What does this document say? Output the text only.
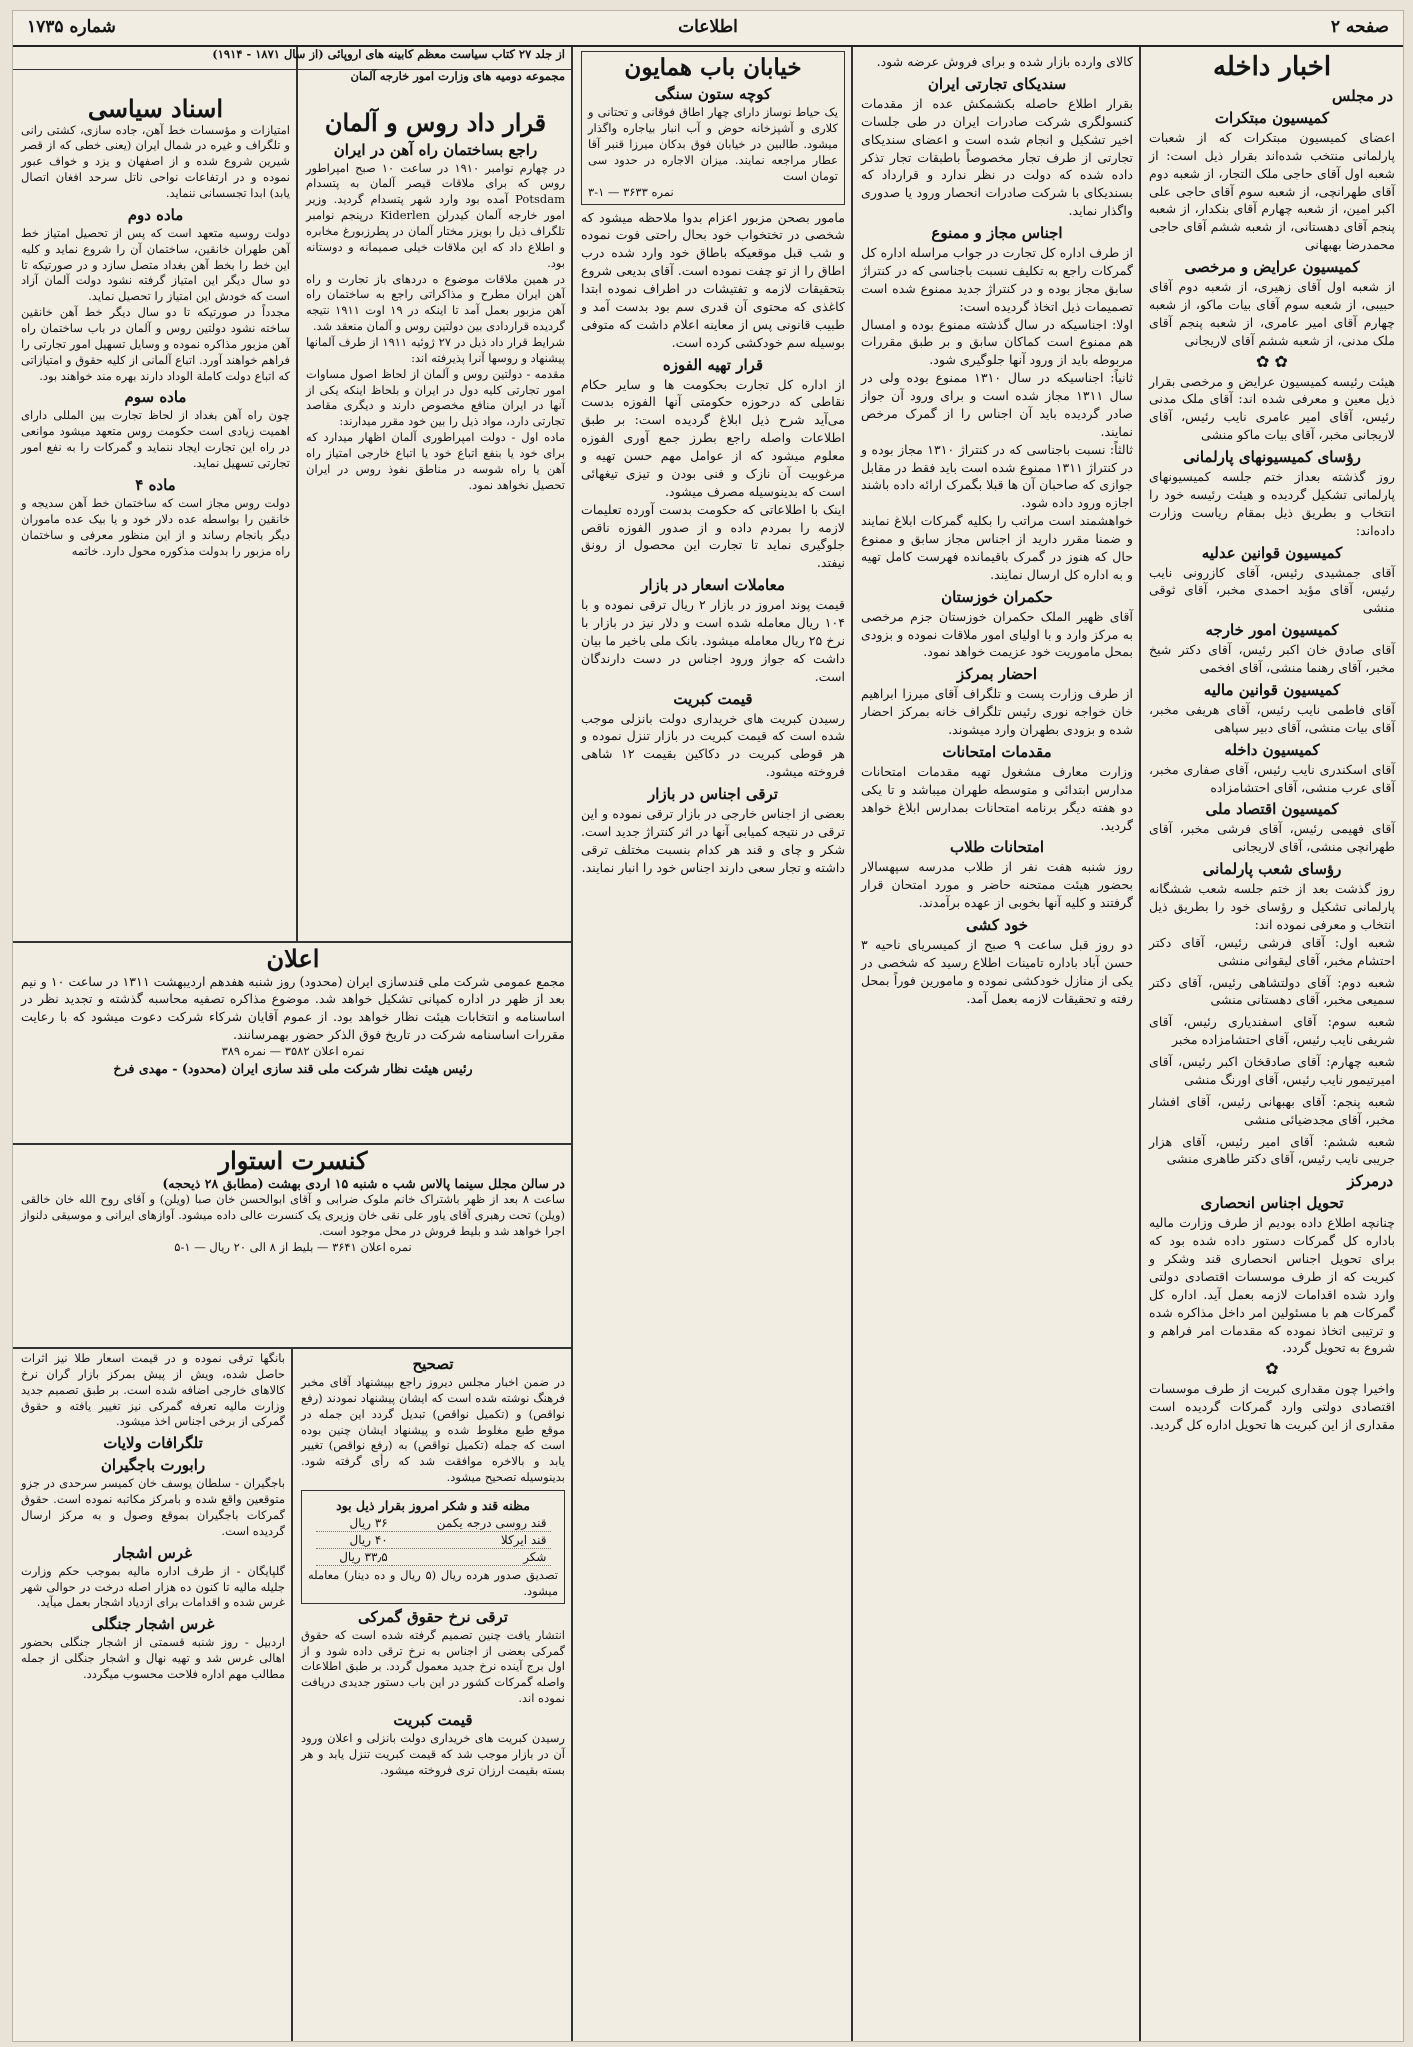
صفحه ۲
اطلاعات
شماره ۱۷۳۵
اخبار داخله
در مجلس
کمیسیون مبتکرات
اعضای کمیسیون مبتکرات که از شعبات پارلمانی منتخب شده‌اند بقرار ذیل است: از شعبه اول آقای حاجی ملک التجار، از شعبه دوم آقای طهرانچی، از شعبه سوم آقای حاجی علی اکبر امین، از شعبه چهارم آقای بنکدار، از شعبه پنجم آقای دهستانی، از شعبه ششم آقای حاجی محمدرضا بهبهانی
کمیسیون عرایض و مرخصی
از شعبه اول آقای زهیری، از شعبه دوم آقای حبیبی، از شعبه سوم آقای بیات ماکو، از شعبه چهارم آقای امیر عامری، از شعبه پنجم آقای ملک مدنی، از شعبه ششم آقای لاریجانی
✿ ✿
هیئت رئیسه کمیسیون عرایض و مرخصی بقرار ذیل معین و معرفی شده اند: آقای ملک مدنی رئیس، آقای امیر عامری نایب رئیس، آقای لاریجانی مخبر، آقای بیات ماکو منشی
رؤسای کمیسیونهای پارلمانی
روز گذشته بعداز ختم جلسه کمیسیونهای پارلمانی تشکیل گردیده و هیئت رئیسه خود را انتخاب و بطریق ذیل بمقام ریاست وزارت داده‌اند:
کمیسیون قوانین عدلیه
آقای جمشیدی رئیس، آقای کازرونی نایب رئیس، آقای مؤید احمدی مخبر، آقای ثوقی منشی
کمیسیون امور خارجه
آقای صادق خان اکبر رئیس، آقای دکتر شیخ مخبر، آقای رهنما منشی، آقای افخمی
کمیسیون قوانین مالیه
آقای فاطمی نایب رئیس، آقای هریفی مخبر، آقای بیات منشی، آقای دبیر سپاهی
کمیسیون داخله
آقای اسکندری نایب رئیس، آقای صفاری مخبر، آقای عرب منشی، آقای احتشامزاده
کمیسیون اقتصاد ملی
آقای فهیمی رئیس، آقای فرشی مخبر، آقای طهرانچی منشی، آقای لاریجانی
رؤسای شعب پارلمانی
روز گذشت بعد از ختم جلسه شعب ششگانه پارلمانی تشکیل و رؤسای خود را بطریق ذیل انتخاب و معرفی نموده اند:

شعبه اول: آقای فرشی رئیس، آقای دکتر احتشام مخبر، آقای لیقوانی منشی

شعبه دوم: آقای دولتشاهی رئیس، آقای دکتر سمیعی مخبر، آقای دهستانی منشی

شعبه سوم: آقای اسفندیاری رئیس، آقای شریفی نایب رئیس، آقای احتشامزاده مخبر

شعبه چهارم: آقای صادقخان اکبر رئیس، آقای امیرتیمور نایب رئیس، آقای اورنگ منشی

شعبه پنجم: آقای بهبهانی رئیس، آقای افشار مخبر، آقای مجدضیائی منشی

شعبه ششم: آقای امیر رئیس، آقای هزار جریبی نایب رئیس، آقای دکتر طاهری منشی

درمرکز
تحویل اجناس انحصاری
چنانچه اطلاع داده بودیم از طرف وزارت مالیه باداره کل گمرکات دستور داده شده بود که برای تحویل اجناس انحصاری قند وشکر و کبریت که از طرف موسسات اقتصادی دولتی وارد شده اقدامات لازمه بعمل آید. اداره کل گمرکات هم با مسئولین امر داخل مذاکره شده و ترتیبی اتخاذ نموده که مقدمات امر فراهم و شروع به تحویل گردد.
✿
واخیرا چون مقداری کبریت از طرف موسسات اقتصادی دولتی وارد گمرکات گردیده است مقداری از این کبریت ها تحویل اداره کل گردید.
کالای وارده بازار شده و برای فروش عرضه شود.
سندیکای تجارتی ایران
بقرار اطلاع حاصله بکشمکش عده از مقدمات کنسولگری شرکت صادرات ایران در طی جلسات اخیر تشکیل و انجام شده است و اعضای سندیکای تجارتی از طرف تجار مخصوصاً باطبقات تجار تذکر داده شده که دولت در نظر ندارد و قرارداد که بسندیکای با شرکت صادرات انحصار ورود یا صدوری واگذار نماید.
اجناس مجاز و ممنوع
از طرف اداره کل تجارت در جواب مراسله اداره کل گمرکات راجع به تکلیف نسبت باجناسی که در کنتراژ سابق مجاز بوده و در کنتراژ جدید ممنوع شده است تصمیمات ذیل اتخاذ گردیده است:
اولا: اجناسیکه در سال گذشته ممنوع بوده و امسال هم ممنوع است کماکان سابق و بر طبق مقررات مربوطه باید از ورود آنها جلوگیری شود.
ثانیاً: اجناسیکه در سال ۱۳۱۰ ممنوع بوده ولی در سال ۱۳۱۱ مجاز شده است و برای ورود آن جواز صادر گردیده باید آن اجناس را از گمرک مرخص نمایند.
ثالثاً: نسبت باجناسی که در کنتراژ ۱۳۱۰ مجاز بوده و در کنتراژ ۱۳۱۱ ممنوع شده است باید فقط در مقابل جوازی که صاحبان آن ها قبلا بگمرک ارائه داده باشند اجازه ورود داده شود.
خواهشمند است مراتب را بکلیه گمرکات ابلاغ نمایند و ضمنا مقرر دارید از اجناس مجاز سابق و ممنوع حال که هنوز در گمرک باقیمانده فهرست کامل تهیه و به اداره کل ارسال نمایند.
حکمران خوزستان
آقای ظهیر الملک حکمران خوزستان جزم مرخصی به مرکز وارد و با اولیای امور ملاقات نموده و بزودی بمحل ماموریت خود عزیمت خواهد نمود.
احضار بمرکز
از طرف وزارت پست و تلگراف آقای میرزا ابراهیم خان خواجه نوری رئیس تلگراف خانه بمرکز احضار شده و بزودی بطهران وارد میشوند.
مقدمات امتحانات
وزارت معارف مشغول تهیه مقدمات امتحانات مدارس ابتدائی و متوسطه طهران میباشد و تا یکی دو هفته دیگر برنامه امتحانات بمدارس ابلاغ خواهد گردید.
امتحانات طلاب
روز شنبه هفت نفر از طلاب مدرسه سپهسالار بحضور هیئت ممتحنه حاضر و مورد امتحان قرار گرفتند و کلیه آنها بخوبی از عهده برآمدند.
خود کشی
دو روز قبل ساعت ۹ صبح از کمیسریای ناحیه ۳ حسن آباد باداره تامینات اطلاع رسید که شخصی در یکی از منازل خودکشی نموده و مامورین فوراً بمحل رفته و تحقیقات لازمه بعمل آمد.
خیابان باب همایون
کوچه ستون سنگی
یک حیاط نوساز دارای چهار اطاق فوقانی و تحتانی و کلاری و آشپزخانه حوض و آب انبار بیاجاره واگذار میشود. طالبین در خیابان فوق بدکان میرزا قنبر آقا عطار مراجعه نمایند. میزان الاجاره در حدود سی تومان است
نمره ۳۶۳۳ — ۱-۳
مامور بصحن مزبور اعزام بدوا ملاحظه میشود که شخصی در تختخواب خود بحال راحتی فوت نموده و شب قبل موقعیکه باطاق خود وارد شده درب اطاق را از تو چفت نموده است. آقای بدیعی شروع بتحقیقات لازمه و تفتیشات در اطراف نموده ابتدا کاغذی که محتوی آن قدری سم بود بدست آمد و طبیب قانونی پس از معاینه اعلام داشت که متوفی بوسیله سم خودکشی کرده است.
قرار تهیه الفوزه
از اداره کل تجارت بحکومت ها و سایر حکام نقاطی که درحوزه حکومتی آنها الفوزه بدست می‌آید شرح ذیل ابلاغ گردیده است: بر طبق اطلاعات واصله راجع بطرز جمع آوری الفوزه معلوم میشود که از عوامل مهم حسن تهیه و مرغوبیت آن نازک و فنی بودن و تیزی تیغهائی است که بدینوسیله مصرف میشود.
اینک با اطلاعاتی که حکومت بدست آورده تعلیمات لازمه را بمردم داده و از صدور الفوزه ناقص جلوگیری نماید تا تجارت این محصول از رونق نیفتد.
معاملات اسعار در بازار
قیمت پوند امروز در بازار ۲ ریال ترقی نموده و با ۱۰۴ ریال معامله شده است و دلار نیز در بازار با نرخ ۲۵ ریال معامله میشود. بانک ملی باخیر ما بیان داشت که جواز ورود اجناس در دست دارندگان است.
قیمت کبریت
رسیدن کبریت های خریداری دولت بانزلی موجب شده است که قیمت کبریت در بازار تنزل نموده و هر قوطی کبریت در دکاکین بقیمت ۱۲ شاهی فروخته میشود.
ترقی اجناس در بازار
بعضی از اجناس خارجی در بازار ترقی نموده و این ترقی در نتیجه کمیابی آنها در اثر کنتراژ جدید است. شکر و چای و قند هر کدام بنسبت مختلف ترقی داشته و تجار سعی دارند اجناس خود را انبار نمایند.
از جلد ۲۷ کتاب سیاست معظم کابینه های اروپائی (از سال ۱۸۷۱ - ۱۹۱۴)
مجموعه دومیه های وزارت امور خارجه آلمان
قرار داد روس و آلمان
راجع بساختمان راه آهن در ایران
در چهارم نوامبر ۱۹۱۰ در ساعت ۱۰ صبح امپراطور روس که برای ملاقات قیصر آلمان به پتسدام Potsdam آمده بود وارد شهر پتسدام گردید. وزیر امور خارجه آلمان کیدرلن Kiderlen درپنجم نوامبر تلگراف ذیل را بویزر مختار آلمان در پطرزبورغ مخابره و اطلاع داد که این ملاقات خیلی صمیمانه و دوستانه بود.
در همین ملاقات موضوع ه دردهای باز تجارت و راه آهن ایران مطرح و مذاکراتی راجع به ساختمان راه آهن مزبور بعمل آمد تا اینکه در ۱۹ اوت ۱۹۱۱ نتیجه گردیده قراردادی بین دولتین روس و آلمان منعقد شد.
شرایط قرار داد ذیل در ۲۷ ژوئیه ۱۹۱۱ از طرف آلمانها پیشنهاد و روسها آنرا پذیرفته اند:
مقدمه - دولتین روس و آلمان از لحاظ اصول مساوات امور تجارتی کلیه دول در ایران و بلحاظ اینکه یکی از آنها در ایران منافع مخصوص دارند و دیگری مقاصد تجارتی دارد، مواد ذیل را بین خود مقرر میدارند:
ماده اول - دولت امپراطوری آلمان اظهار میدارد که برای خود یا بنفع اتباع خود یا اتباع خارجی امتیاز راه آهن یا راه شوسه در مناطق نفوذ روس در ایران تحصیل نخواهد نمود.
اسناد سیاسی
امتیازات و مؤسسات خط آهن، جاده سازی، کشتی رانی و تلگراف و غیره در شمال ایران (یعنی خطی که از قصر شیرین شروع شده و از اصفهان و یزد و خواف عبور نموده و در ارتفاعات نواحی ناتل سرحد افغان اتصال یابد) ابدا تجسسانی ننماید.
ماده دوم
دولت روسیه متعهد است که پس از تحصیل امتیاز خط آهن طهران خانقین، ساختمان آن را شروع نماید و کلیه این خط را بخط آهن بغداد متصل سازد و در صورتیکه تا دو سال دیگر این امتیاز گرفته نشود دولت آلمان آزاد است که خودش این امتیاز را تحصیل نماید.
مجدداً در صورتیکه تا دو سال دیگر خط آهن خانقین ساخته نشود دولتین روس و آلمان در باب ساختمان راه آهن مزبور مذاکره نموده و وسایل تسهیل امور تجارتی را فراهم خواهند آورد. اتباع آلمانی از کلیه حقوق و امتیازاتی که اتباع دولت کاملة الوداد دارند بهره مند خواهند بود.
ماده سوم
چون راه آهن بغداد از لحاظ تجارت بین المللی دارای اهمیت زیادی است حکومت روس متعهد میشود موانعی در راه این تجارت ایجاد ننماید و گمرکات را به نفع امور تجارتی تسهیل نماید.
ماده ۴
دولت روس مجاز است که ساختمان خط آهن سدیجه و خانقین را بواسطه عده دلار خود و یا بیک عده ماموران دیگر بانجام رساند و از این منظور معرفی و ساختمان راه مزبور را بدولت مذکوره محول دارد. خاتمه
اعلان
مجمع عمومی شرکت ملی قندسازی ایران (محدود) روز شنبه هفدهم اردیبهشت ۱۳۱۱ در ساعت ۱۰ و نیم بعد از ظهر در اداره کمپانی تشکیل خواهد شد. موضوع مذاکره تصفیه محاسبه گذشته و تجدید نظر در اساسنامه و انتخابات هیئت نظار خواهد بود. از عموم آقایان شرکاء شرکت دعوت میشود که با رعایت مقررات اساسنامه شرکت در تاریخ فوق الذکر حضور بهمرسانند.
نمره اعلان ۳۵۸۲ — نمره ۳۸۹
رئیس هیئت نظار شرکت ملی قند سازی ایران (محدود) - مهدی فرخ
کنسرت استوار
در سالن مجلل سینما پالاس شب ه شنبه ۱۵ اردی بهشت (مطابق ۲۸ ذیحجه)
ساعت ۸ بعد از ظهر باشتراک خانم ملوک ضرابی و آقای ابوالحسن خان صبا (ویلن) و آقای روح الله خان خالقی (ویلن) تحت رهبری آقای یاور علی نقی خان وزیری یک کنسرت عالی داده میشود. آوازهای ایرانی و موسیقی دلنواز اجرا خواهد شد و بلیط فروش در محل موجود است.
نمره اعلان ۳۶۴۱ — بلیط از ۸ الی ۲۰ ریال — ۱-۵
بانگها ترقی نموده و در قیمت اسعار طلا نیز اثرات حاصل شده، ویش از پیش بمرکز بازار گران نرخ کالاهای خارجی اضافه شده است. بر طبق تصمیم جدید وزارت مالیه تعرفه گمرکی نیز تغییر یافته و حقوق گمرکی از برخی اجناس اخذ میشود.
تلگرافات ولایات
رابورت باجگیران
باجگیران - سلطان یوسف خان کمیسر سرحدی در جزو متوقعین واقع شده و بامرکز مکاتبه نموده است. حقوق گمرکات باجگیران بموقع وصول و به مرکز ارسال گردیده است.
غرس اشجار
گلپایگان - از طرف اداره مالیه بموجب حکم وزارت جلیله مالیه تا کنون ده هزار اصله درخت در حوالی شهر غرس شده و اقدامات برای ازدیاد اشجار بعمل میآید.
غرس اشجار جنگلی
اردبیل - روز شنبه قسمتی از اشجار جنگلی بحضور اهالی غرس شد و تهیه نهال و اشجار جنگلی از جمله مطالب مهم اداره فلاحت محسوب میگردد.
تصحیح
در ضمن اخبار مجلس دیروز راجع بپیشنهاد آقای مخبر فرهنگ نوشته شده است که ایشان پیشنهاد نمودند (رفع نواقص) و (تکمیل نواقص) تبدیل گردد این جمله در موقع طبع مغلوط شده و پیشنهاد ایشان چنین بوده است که جمله (تکمیل نواقص) به (رفع نواقص) تغییر یابد و بالاخره موافقت شد که رأی گرفته شود. بدینوسیله تصحیح میشود.
مظنه قند و شکر امروز بقرار ذیل بود
قند روسی درجه یکمن	۳۶ ریال
قند ایرکلا	۴۰ ریال
شکر	۳۳٫۵ ریال
تصدیق صدور هرده ریال (۵ ریال و ده دینار) معامله میشود.
ترقی نرخ حقوق گمرکی
انتشار یافت چنین تصمیم گرفته شده است که حقوق گمرکی بعضی از اجناس به نرخ ترقی داده شود و از اول برج آینده نرخ جدید معمول گردد. بر طبق اطلاعات واصله گمرکات کشور در این باب دستور جدیدی دریافت نموده اند.
قیمت کبریت
رسیدن کبریت های خریداری دولت بانزلی و اعلان ورود آن در بازار موجب شد که قیمت کبریت تنزل یابد و هر بسته بقیمت ارزان تری فروخته میشود.
